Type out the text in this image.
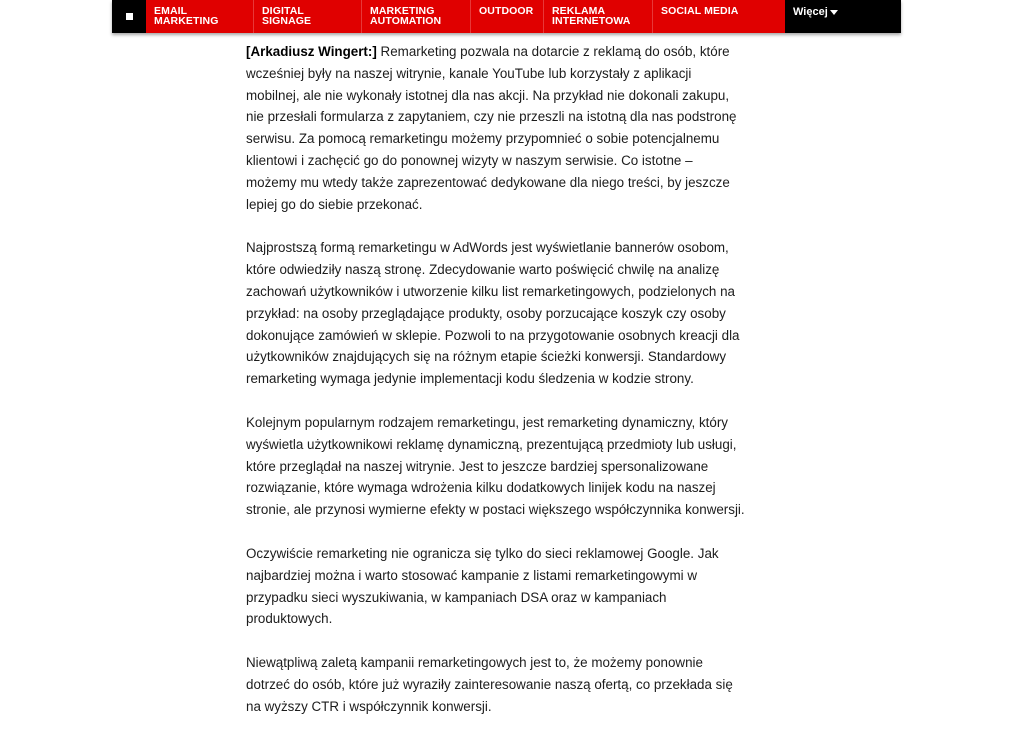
EMAIL
MARKETING
DIGITAL
SIGNAGE
MARKETING
AUTOMATION
OUTDOOR	REKLAMA
INTERNETOWA
SOCIAL MEDIA	Więcej

[Arkadiusz Wingert:] Remarketing pozwala na dotarcie z reklamą do osób, które wcześniej były na naszej witrynie, kanale YouTube lub korzystały z aplikacji mobilnej, ale nie wykonały istotnej dla nas akcji. Na przykład nie dokonali zakupu, nie przesłali formularza z zapytaniem, czy nie przeszli na istotną dla nas podstronę serwisu. Za pomocą remarketingu możemy przypomnieć o sobie potencjalnemu klientowi i zachęcić go do ponownej wizyty w naszym serwisie. Co istotne – możemy mu wtedy także zaprezentować dedykowane dla niego treści, by jeszcze lepiej go do siebie przekonać.

Najprostszą formą remarketingu w AdWords jest wyświetlanie bannerów osobom, które odwiedziły naszą stronę. Zdecydowanie warto poświęcić chwilę na analizę zachowań użytkowników i utworzenie kilku list remarketingowych, podzielonych na przykład: na osoby przeglądające produkty, osoby porzucające koszyk czy osoby dokonujące zamówień w sklepie. Pozwoli to na przygotowanie osobnych kreacji dla użytkowników znajdujących się na różnym etapie ścieżki konwersji. Standardowy remarketing wymaga jedynie implementacji kodu śledzenia w kodzie strony.

Kolejnym popularnym rodzajem remarketingu, jest remarketing dynamiczny, który wyświetla użytkownikowi reklamę dynamiczną, prezentującą przedmioty lub usługi, które przeglądał na naszej witrynie. Jest to jeszcze bardziej spersonalizowane rozwiązanie, które wymaga wdrożenia kilku dodatkowych linijek kodu na naszej stronie, ale przynosi wymierne efekty w postaci większego współczynnika konwersji.

Oczywiście remarketing nie ogranicza się tylko do sieci reklamowej Google. Jak najbardziej można i warto stosować kampanie z listami remarketingowymi w przypadku sieci wyszukiwania, w kampaniach DSA oraz w kampaniach produktowych.

Niewątpliwą zaletą kampanii remarketingowych jest to, że możemy ponownie dotrzeć do osób, które już wyraziły zainteresowanie naszą ofertą, co przekłada się na wyższy CTR i współczynnik konwersji.
